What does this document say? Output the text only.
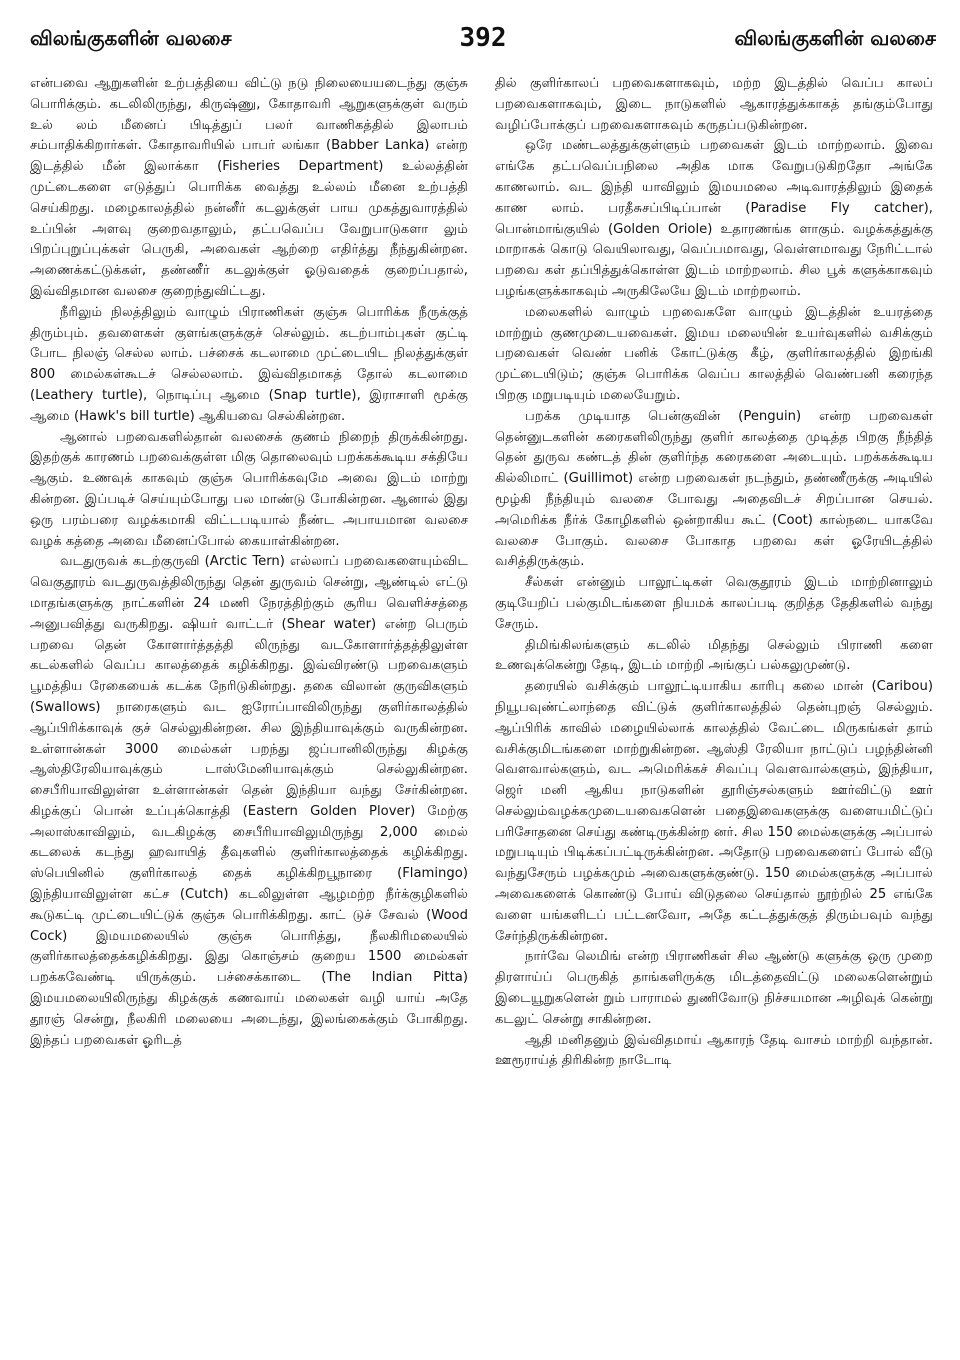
392
விலங்குகளின் வலசை	விலங்குகளின் வலசை

என்பவை ஆறுகளின் உற்பத்தியை விட்டு நடு நிலையையடைந்து குஞ்சு பொரிக்கும். கடலிலிருந்து, கிருஷ்ணு, கோதாவரி ஆறுகளுக்குள் வரும் உல் லம் மீனைப் பிடித்துப் பலர் வாணிகத்தில் இலாபம் சம்பாதிக்கிறார்கள். கோதாவரியில் பாபர் லங்கா (Babber Lanka) என்ற இடத்தில் மீன் இலாக்கா (Fisheries Department) உல்லத்தின் முட்டைகளை எடுத்துப் பொரிக்க வைத்து உல்லம் மீனை உற்பத்தி செய்கிறது. மழைகாலத்தில் நன்னீர் கடலுக்குள் பாய முகத்துவாரத்தில் உப்பின் அளவு குறைவதாலும், தட்பவெப்ப வேறுபாடுகளா லும் பிறப்புறுப்புக்கள் பெருகி, அவைகள் ஆற்றை எதிர்த்து நீந்துகின்றன. அணைக்கட்டுக்கள், தண்ணீர் கடலுக்குள் ஓடுவதைக் குறைப்பதால், இவ்விதமான வலசை குறைந்துவிட்டது.

நீரிலும் நிலத்திலும் வாழும் பிராணிகள் குஞ்சு பொரிக்க நீருக்குத் திரும்பும். தவளைகள் குளங்களுக்குச் செல்லும். கடற்பாம்புகள் குட்டி போட நிலஞ் செல்ல லாம். பச்சைக் கடலாமை முட்டையிட நிலத்துக்குள் 800 மைல்கள்கூடச் செல்லலாம். இவ்விதமாகத் தோல் கடலாமை (Leathery turtle), நொடிப்பு ஆமை (Snap turtle), இராசாளி மூக்கு ஆமை (Hawk's bill turtle) ஆகியவை செல்கின்றன.

ஆனால் பறவைகளில்தான் வலசைக் குணம் நிறைந் திருக்கின்றது. இதற்குக் காரணம் பறவைக்குள்ள மிகு தொலைவும் பறக்கக்கூடிய சக்தியே ஆகும். உணவுக் காகவும் குஞ்சு பொரிக்கவுமே அவை இடம் மாற்று கின்றன. இப்படிச் செய்யும்போது பல மாண்டு போகின்றன. ஆனால் இது ஒரு பரம்பரை வழக்கமாகி விட்டபடியால் நீண்ட அபாயமான வலசை வழக் கத்தை அவை மீனைப்போல் கையாள்கின்றன.

வடதுருவக் கடற்குருவி (Arctic Tern) எல்லாப் பறவைகளையும்விட வெகுதூரம் வடதுருவத்திலிருந்து தென் துருவம் சென்று, ஆண்டில் எட்டு மாதங்களுக்கு நாட்களின் 24 மணி நேரத்திற்கும் சூரிய வெளிச்சத்தை அனுபவித்து வருகிறது. ஷியர் வாட்டர் (Shear water) என்ற பெரும் பறவை தென் கோளார்த்தத்தி லிருந்து வடகோளார்த்தத்திலுள்ள கடல்களில் வெப்ப காலத்தைக் கழிக்கிறது. இவ்விரண்டு பறவைகளும் பூமத்திய ரேகையைக் கடக்க நேரிடுகின்றது. தகை விலான் குருவிகளும் (Swallows) நாரைகளும் வட ஐரோப்பாவிலிருந்து குளிர்காலத்தில் ஆப்பிரிக்காவுக் குச் செல்லுகின்றன. சில இந்தியாவுக்கும் வருகின்றன. உள்ளான்கள் 3000 மைல்கள் பறந்து ஜப்பானிலிருந்து கிழக்கு ஆஸ்திரேலியாவுக்கும் டாஸ்மேனியாவுக்கும் செல்லுகின்றன. சைபீரியாவிலுள்ள உள்ளான்கள் தென் இந்தியா வந்து சேர்கின்றன. கிழக்குப் பொன் உப்புக்கொத்தி (Eastern Golden Plover) மேற்கு அலாஸ்காவிலும், வடகிழக்கு சைபீரியாவிலுமிருந்து 2,000 மைல் கடலைக் கடந்து ஹவாயித் தீவுகளில் குளிர்காலத்தைக் கழிக்கிறது. ஸ்பெயினில் குளிர்காலத் தைக் கழிக்கிறபூநாரை (Flamingo) இந்தியாவிலுள்ள கட்ச (Cutch) கடலிலுள்ள ஆழமற்ற நீர்க்குழிகளில் கூடுகட்டி முட்டையிட்டுக் குஞ்சு பொரிக்கிறது. காட் டுச் சேவல் (Wood Cock) இமயமலையில் குஞ்சு பொரித்து, நீலகிரிமலையில் குளிர்காலத்தைக்கழிக்கிறது. இது கொஞ்சம் குறைய 1500 மைல்கள் பறக்கவேண்டி யிருக்கும். பச்சைக்காடை (The Indian Pitta) இமயமலையிலிருந்து கிழக்குக் கணவாய் மலைகள் வழி யாய் அதே தூரஞ் சென்று, நீலகிரி மலையை அடைந்து, இலங்கைக்கும் போகிறது. இந்தப் பறவைகள் ஓரிடத்

தில் குளிர்காலப் பறவைகளாகவும், மற்ற இடத்தில் வெப்ப காலப் பறவைகளாகவும், இடை நாடுகளில் ஆகாரத்துக்காகத் தங்கும்போது வழிப்போக்குப் பறவைகளாகவும் கருதப்படுகின்றன.

ஒரே மண்டலத்துக்குள்ளும் பறவைகள் இடம் மாற்றலாம். இவை எங்கே தட்பவெப்பநிலை அதிக மாக வேறுபடுகிறதோ அங்கே காணலாம். வட இந்தி யாவிலும் இமயமலை அடிவாரத்திலும் இதைக் காண லாம். பரதீசுசப்பிடிப்பான் (Paradise Fly catcher), பொன்மாங்குயில் (Golden Oriole) உதாரணங்க ளாகும். வழக்கத்துக்கு மாறாகக் கொடு வெயிலாவது, வெப்பமாவது, வெள்ளமாவது நேரிட்டால் பறவை கள் தப்பித்துக்கொள்ள இடம் மாற்றலாம். சில பூக் களுக்காகவும் பழங்களுக்காகவும் அருகிலேயே இடம் மாற்றலாம்.

மலைகளில் வாழும் பறவைகளே வாழும் இடத்தின் உயரத்தை மாற்றும் குணமுடையவைகள். இமய மலையின் உயர்வுகளில் வசிக்கும் பறவைகள் வெண் பனிக் கோட்டுக்கு கீழ், குளிர்காலத்தில் இறங்கி முட்டையிடும்; குஞ்சு பொரிக்க வெப்ப காலத்தில் வெண்பனி கரைந்த பிறகு மறுபடியும் மலையேறும்.

பறக்க முடியாத பென்குவின் (Penguin) என்ற பறவைகள் தென்னுடகளின் கரைகளிலிருந்து குளிர் காலத்தை முடித்த பிறகு நீந்தித் தென் துருவ கண்டத் தின் குளிர்ந்த கரைகளை அடையும். பறக்கக்கூடிய கில்லிமாட் (Guillimot) என்ற பறவைகள் நடந்தும், தண்ணீருக்கு அடியில் மூழ்கி நீந்தியும் வலசை போவது அதைவிடச் சிறப்பான செயல். அமெரிக்க நீர்க் கோழிகளில் ஒன்றாகிய கூட் (Coot) கால்நடை யாகவே வலசை போகும். வலசை போகாத பறவை கள் ஓரேயிடத்தில் வசித்திருக்கும்.

சீல்கள் என்னும் பாலூட்டிகள் வெகுதூரம் இடம் மாற்றினாலும் குடியேறிப் பல்குமிடங்களை நியமக் காலப்படி குறித்த தேதிகளில் வந்து சேரும்.

திமிங்கிலங்களும் கடலில் மிதந்து செல்லும் பிராணி களை உணவுக்கென்று தேடி, இடம் மாற்றி அங்குப் பல்கலுமுண்டு.

தரையில் வசிக்கும் பாலூட்டியாகிய காரிபு கலை மான் (Caribou) நியூபவுண்ட்லாந்தை விட்டுக் குளிர்காலத்தில் தென்புறஞ் செல்லும். ஆப்பிரிக் காவில் மழையில்லாக் காலத்தில் வேட்டை மிருகங்கள் தாம் வசிக்குமிடங்களை மாற்றுகின்றன. ஆஸ்தி ரேலியா நாட்டுப் பழந்தின்னி வௌவால்களும், வட அமெரிக்கச் சிவப்பு வௌவால்களும், இந்தியா, ஜெர் மனி ஆகிய நாடுகளின் தூரிஞ்சல்களும் ஊர்விட்டு ஊர் செல்லும்வழக்கமுடையவைகளென் பதைஇவைகளுக்கு வளையமிட்டுப் பரிசோதனை செய்து கண்டிருக்கின்ற னர். சில 150 மைல்களுக்கு அப்பால் மறுபடியும் பிடிக்கப்பட்டிருக்கின்றன. அதோடு பறவைகளைப் போல் வீடு வந்துசேரும் பழக்கமும் அவைகளுக்குண்டு. 150 மைல்களுக்கு அப்பால் அவைகளைக் கொண்டு போய் விடுதலை செய்தால் நூற்றில் 25 எங்கே வளை யங்களிடப் பட்டனவோ, அதே கட்டத்துக்குத் திரும்பவும் வந்து சேர்ந்திருக்கின்றன.

நார்வே லெமிங் என்ற பிராணிகள் சில ஆண்டு களுக்கு ஒரு முறை திரளாய்ப் பெருகித் தாங்களிருக்கு மிடத்தைவிட்டு மலைகளென்றும் இடையூறுகளென் றும் பாராமல் துணிவோடு நிச்சயமான அழிவுக் கென்று கடலுட் சென்று சாகின்றன.

ஆதி மனிதனும் இவ்விதமாய் ஆகாரந் தேடி வாசம் மாற்றி வந்தான். ஊரூராய்த் திரிகின்ற நாடோடி
